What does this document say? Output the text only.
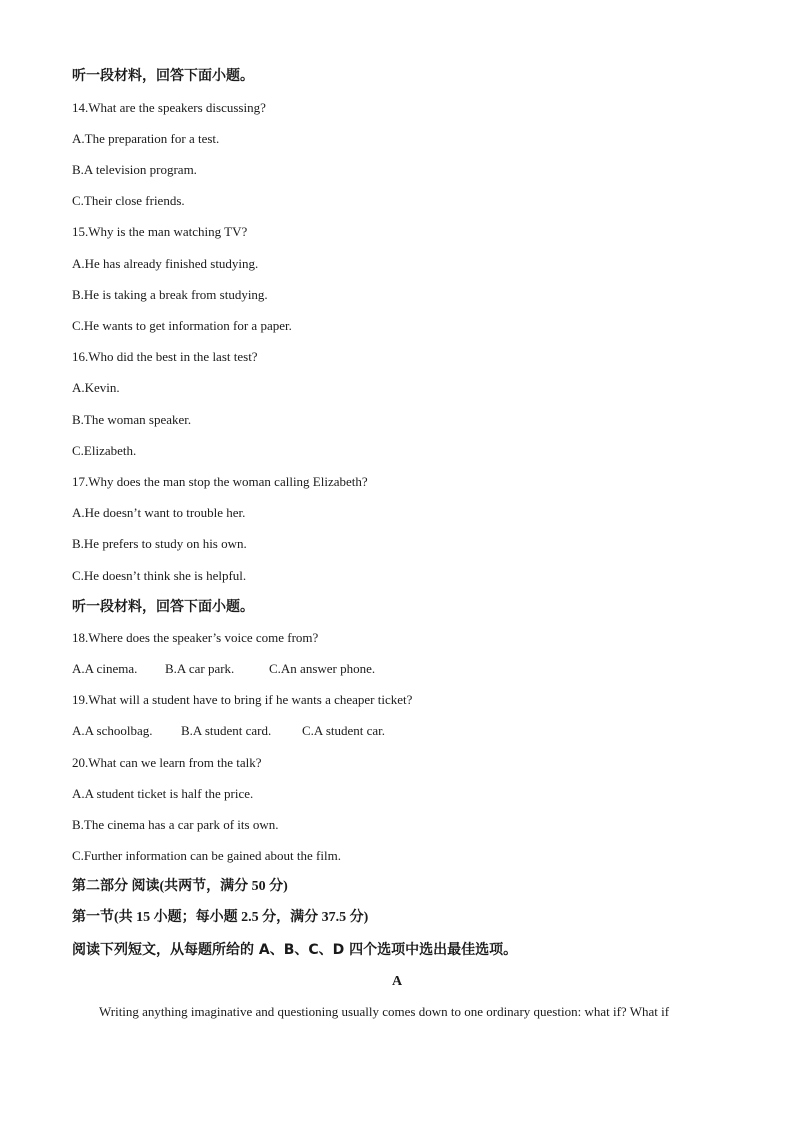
听一段材料，回答下面小题。
14.What are the speakers discussing?
A.The preparation for a test.
B.A television program.
C.Their close friends.
15.Why is the man watching TV?
A.He has already finished studying.
B.He is taking a break from studying.
C.He wants to get information for a paper.
16.Who did the best in the last test?
A.Kevin.
B.The woman speaker.
C.Elizabeth.
17.Why does the man stop the woman calling Elizabeth?
A.He doesn’t want to trouble her.
B.He prefers to study on his own.
C.He doesn’t think she is helpful.
听一段材料，回答下面小题。
18.Where does the speaker’s voice come from?
A.A cinema. B.A car park.	C.An answer phone.
19.What will a student have to bring if he wants a cheaper ticket?
A.A schoolbag. B.A student card. C.A student car.
20.What can we learn from the talk?
A.A student ticket is half the price.
B.The cinema has a car park of its own.
C.Further information can be gained about the film.
第二部分 阅读(共两节，满分 50 分)
第一节(共 15 小题；每小题 2.5 分，满分 37.5 分)
阅读下列短文，从每题所给的 A、B、C、D 四个选项中选出最佳选项。
A
Writing anything imaginative and questioning usually comes down to one ordinary question: what if? What if
